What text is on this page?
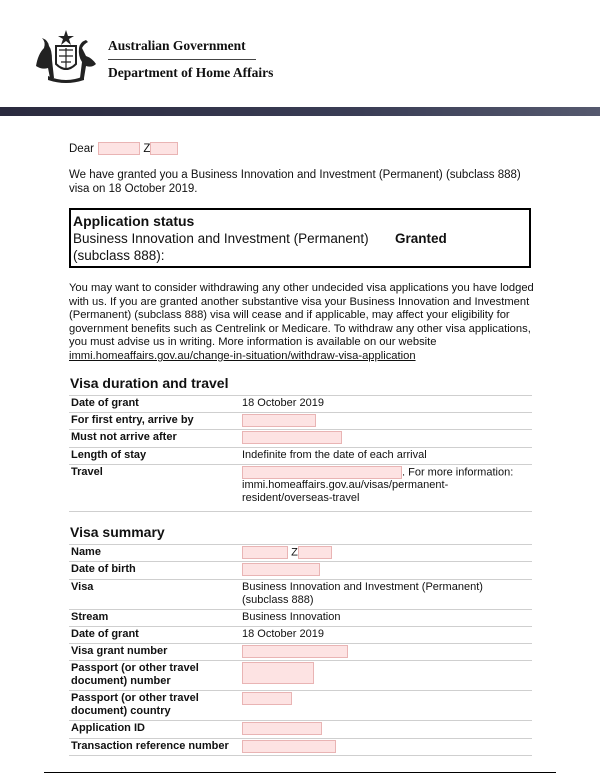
Australian Government
Department of Home Affairs
Dear	Z
We have granted you a Business Innovation and Investment (Permanent) (subclass 888) visa on 18 October 2019.
Application status
Business Innovation and Investment (Permanent)
(subclass 888):
Granted
You may want to consider withdrawing any other undecided visa applications you have lodged with us. If you are granted another substantive visa your Business Innovation and Investment (Permanent) (subclass 888) visa will cease and if applicable, may affect your eligibility for government benefits such as Centrelink or Medicare. To withdraw any other visa applications, you must advise us in writing. More information is available on our website immi.homeaffairs.gov.au/change-in-situation/withdraw-visa-application
Visa duration and travel
Date of grant	18 October 2019
For first entry, arrive by	
Must not arrive after	
Length of stay	Indefinite from the date of each arrival
Travel	. For more information:
immi.homeaffairs.gov.au/visas/permanent-resident/overseas-travel
Visa summary
Name	Z
Date of birth	
Visa	Business Innovation and Investment (Permanent) (subclass 888)
Stream	Business Innovation
Date of grant	18 October 2019
Visa grant number	
Passport (or other travel document) number	
Passport (or other travel document) country	
Application ID	
Transaction reference number	
